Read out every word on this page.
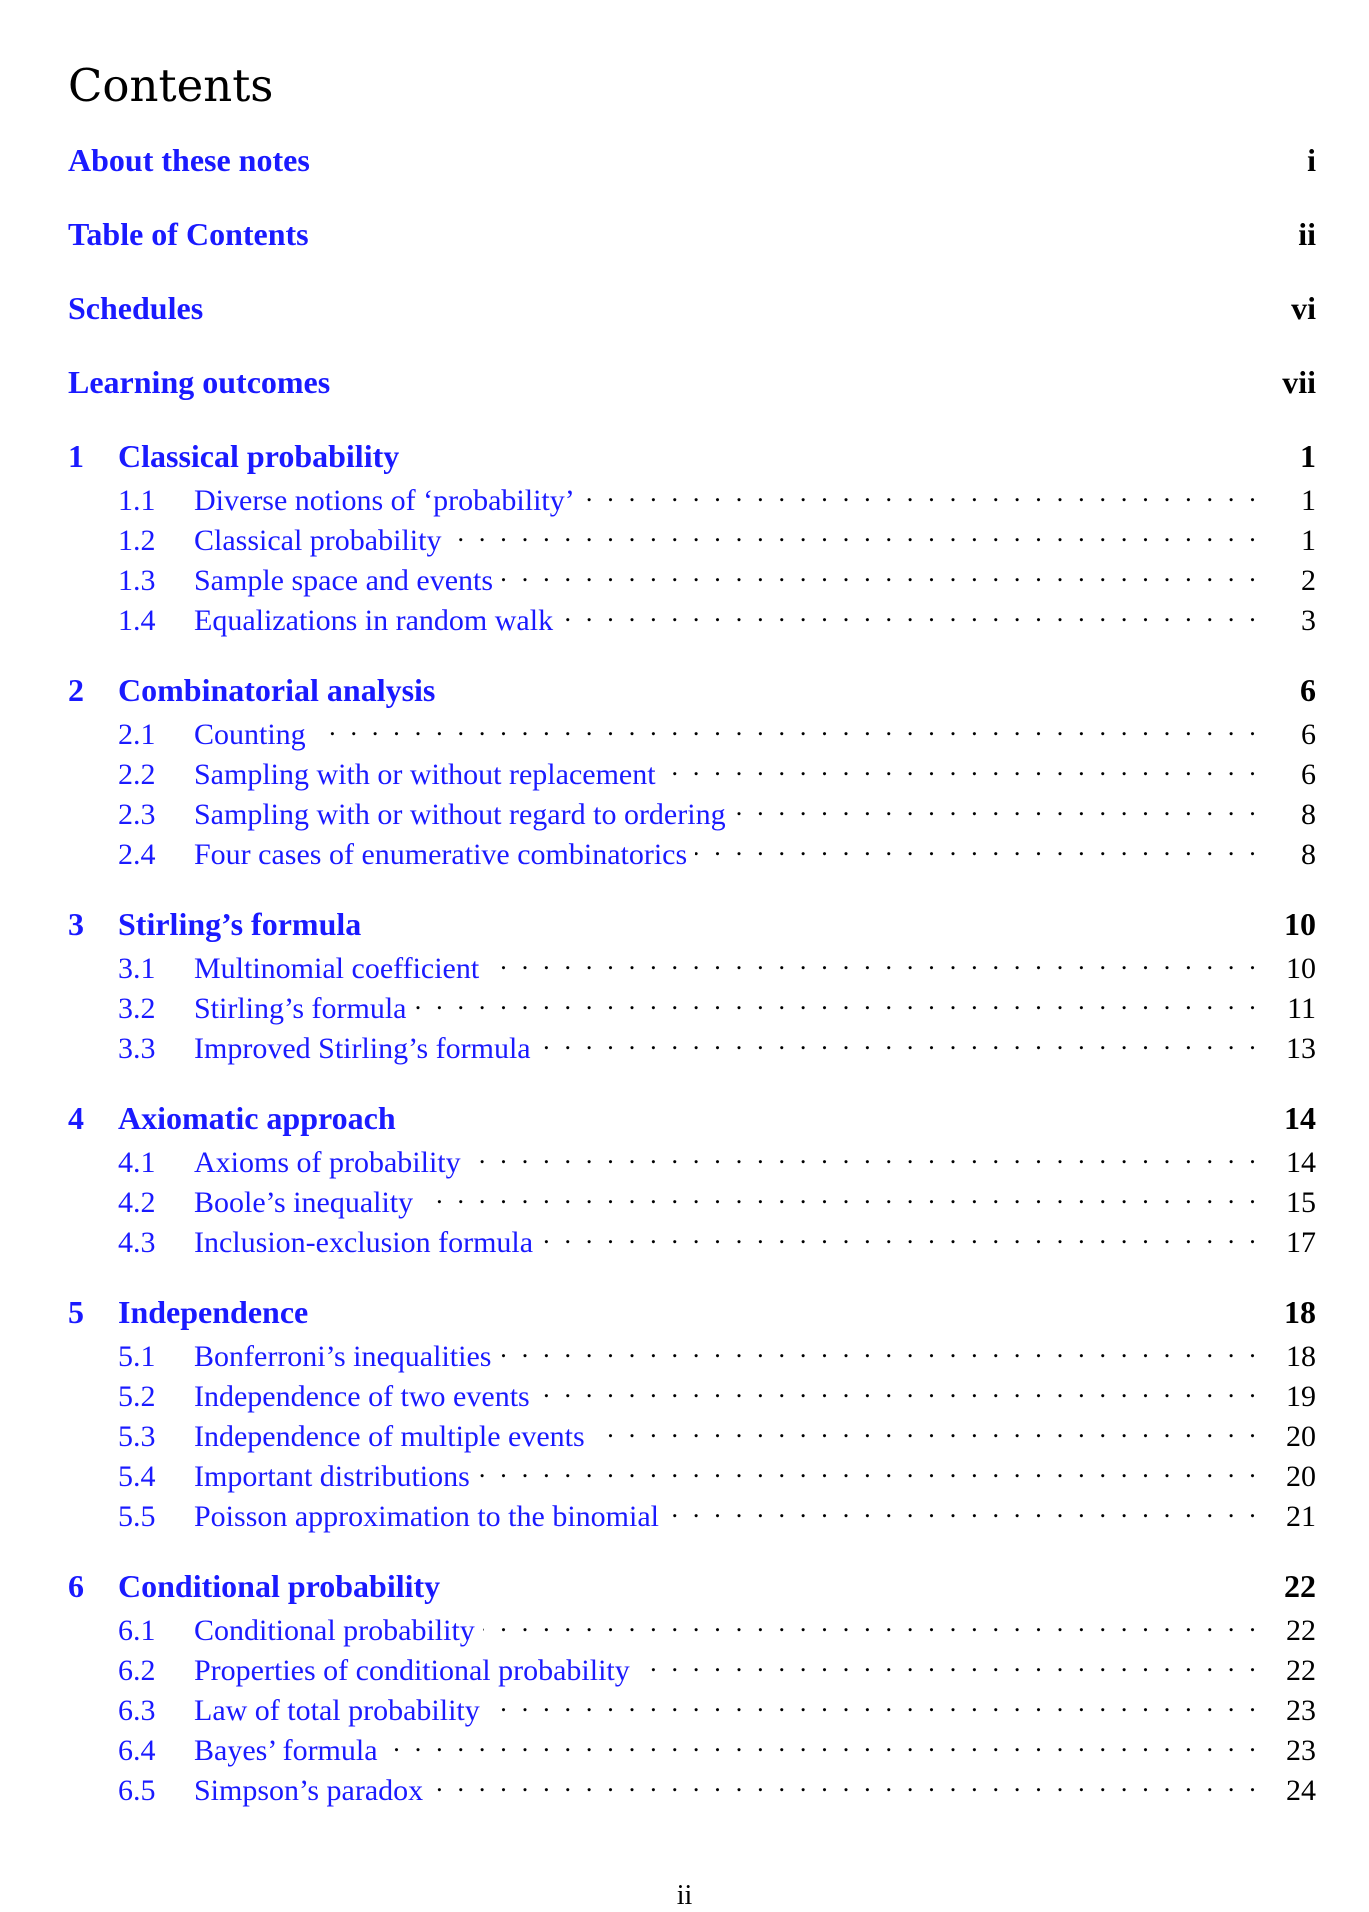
Contents
About these notes	i
Table of Contents	ii
Schedules	vi
Learning outcomes	vii
1	Classical probability	1
1.1	Diverse notions of ‘probability’ . . .	1
1.2	Classical probability . . .	1
1.3	Sample space and events . . .	2
1.4	Equalizations in random walk . . .	3
2	Combinatorial analysis	6
2.1	Counting . . .	6
2.2	Sampling with or without replacement . . .	6
2.3	Sampling with or without regard to ordering . . .	8
2.4	Four cases of enumerative combinatorics . . .	8
3	Stirling’s formula	10
3.1	Multinomial coefficient . . .	10
3.2	Stirling’s formula . . .	11
3.3	Improved Stirling’s formula . . .	13
4	Axiomatic approach	14
4.1	Axioms of probability . . .	14
4.2	Boole’s inequality . . .	15
4.3	Inclusion-exclusion formula . . .	17
5	Independence	18
5.1	Bonferroni’s inequalities . . .	18
5.2	Independence of two events . . .	19
5.3	Independence of multiple events . . .	20
5.4	Important distributions . . .	20
5.5	Poisson approximation to the binomial . . .	21
6	Conditional probability	22
6.1	Conditional probability . . .	22
6.2	Properties of conditional probability . . .	22
6.3	Law of total probability . . .	23
6.4	Bayes’ formula . . .	23
6.5	Simpson’s paradox . . .	24
ii
